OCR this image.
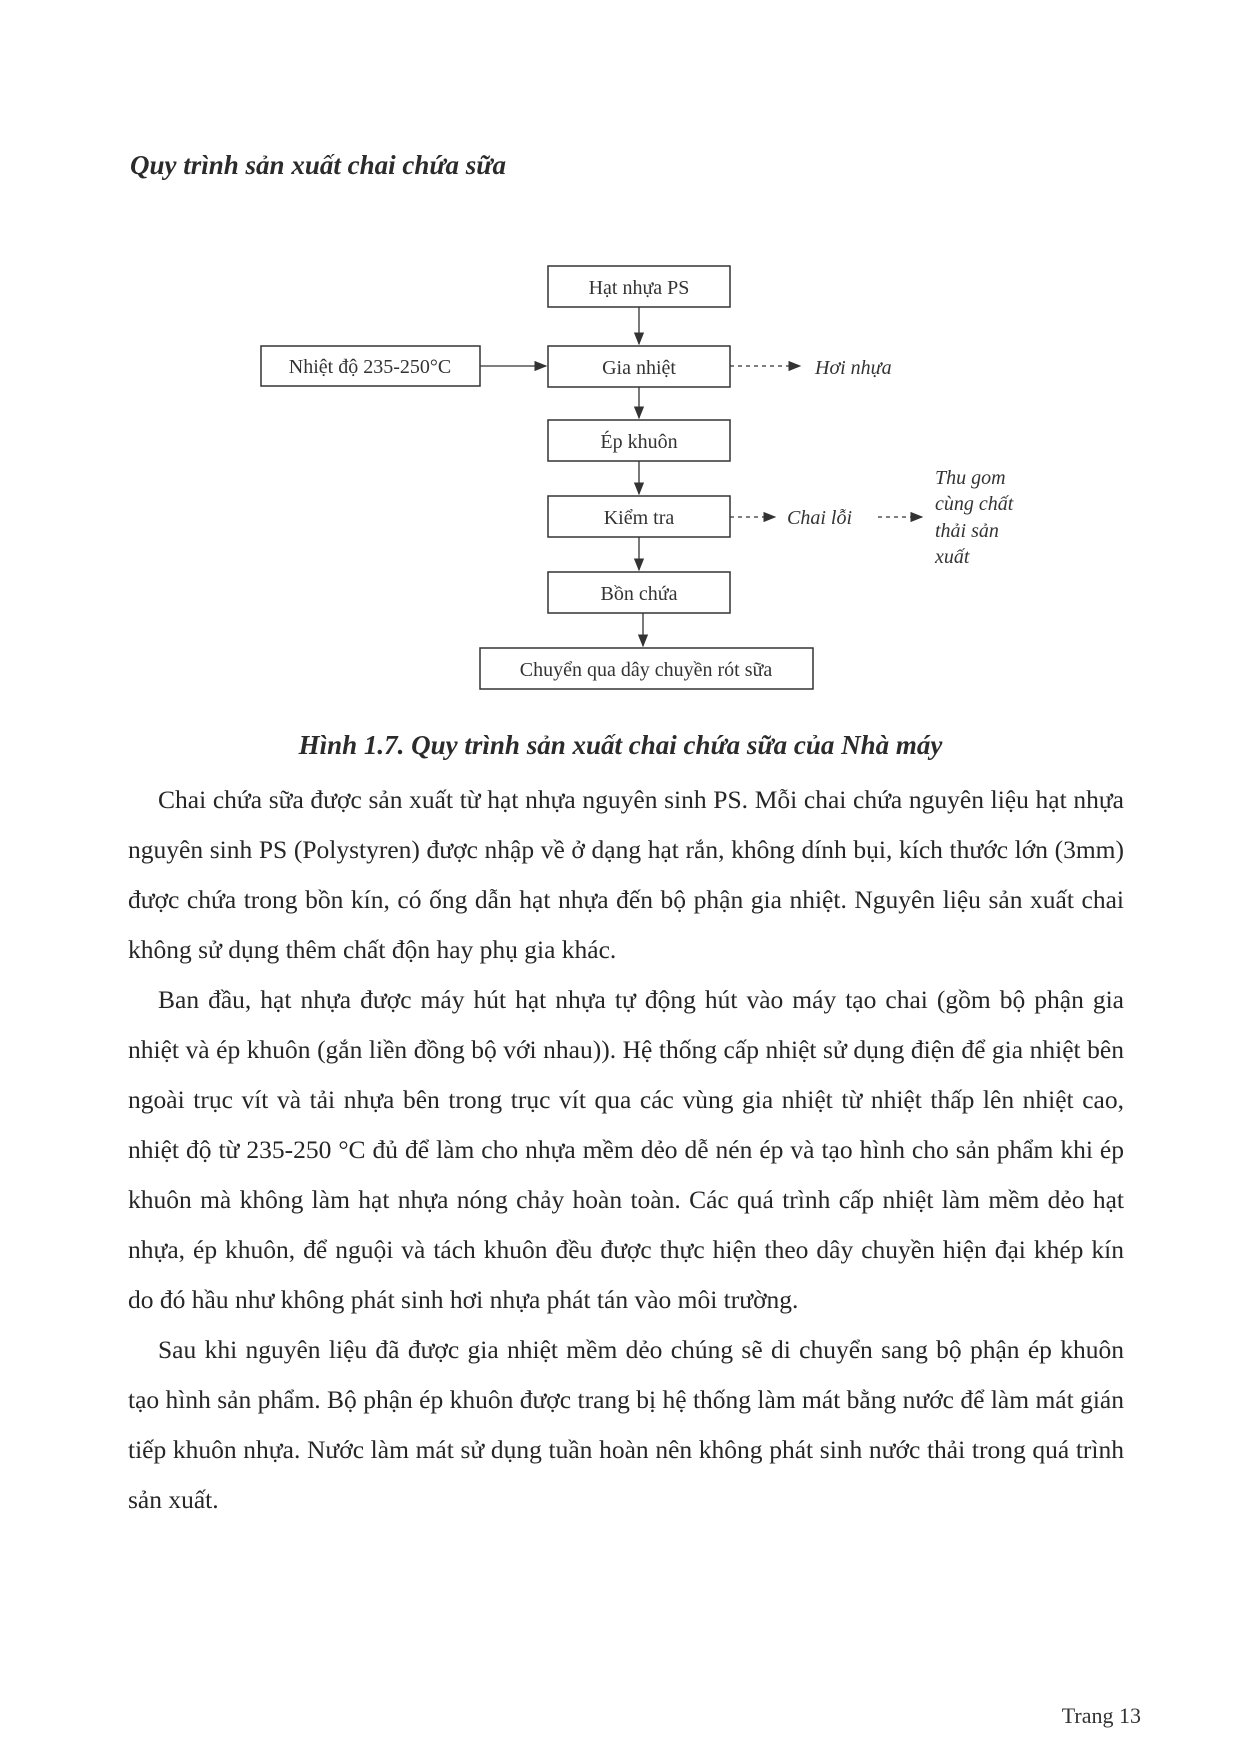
Quy trình sản xuất chai chứa sữa
Hạt nhựa PS
Nhiệt độ 235-250°C	Gia nhiệt
Ép khuôn
Kiểm tra
Bồn chứa
Chuyển qua dây chuyền rót sữa
Hơi nhựa
Chai lỗi
Thu gom
cùng chất
thải sản
xuất
Hình 1.7. Quy trình sản xuất chai chứa sữa của Nhà máy

Chai chứa sữa được sản xuất từ hạt nhựa nguyên sinh PS. Mỗi chai chứa nguyên liệu hạt nhựa nguyên sinh PS (Polystyren) được nhập về ở dạng hạt rắn, không dính bụi, kích thước lớn (3mm) được chứa trong bồn kín, có ống dẫn hạt nhựa đến bộ phận gia nhiệt. Nguyên liệu sản xuất chai không sử dụng thêm chất độn hay phụ gia khác.

Ban đầu, hạt nhựa được máy hút hạt nhựa tự động hút vào máy tạo chai (gồm bộ phận gia nhiệt và ép khuôn (gắn liền đồng bộ với nhau)). Hệ thống cấp nhiệt sử dụng điện để gia nhiệt bên ngoài trục vít và tải nhựa bên trong trục vít qua các vùng gia nhiệt từ nhiệt thấp lên nhiệt cao, nhiệt độ từ 235-250 °C đủ để làm cho nhựa mềm dẻo dễ nén ép và tạo hình cho sản phẩm khi ép khuôn mà không làm hạt nhựa nóng chảy hoàn toàn. Các quá trình cấp nhiệt làm mềm dẻo hạt nhựa, ép khuôn, để nguội và tách khuôn đều được thực hiện theo dây chuyền hiện đại khép kín do đó hầu như không phát sinh hơi nhựa phát tán vào môi trường.

Sau khi nguyên liệu đã được gia nhiệt mềm dẻo chúng sẽ di chuyển sang bộ phận ép khuôn tạo hình sản phẩm. Bộ phận ép khuôn được trang bị hệ thống làm mát bằng nước để làm mát gián tiếp khuôn nhựa. Nước làm mát sử dụng tuần hoàn nên không phát sinh nước thải trong quá trình sản xuất.

Trang 13
